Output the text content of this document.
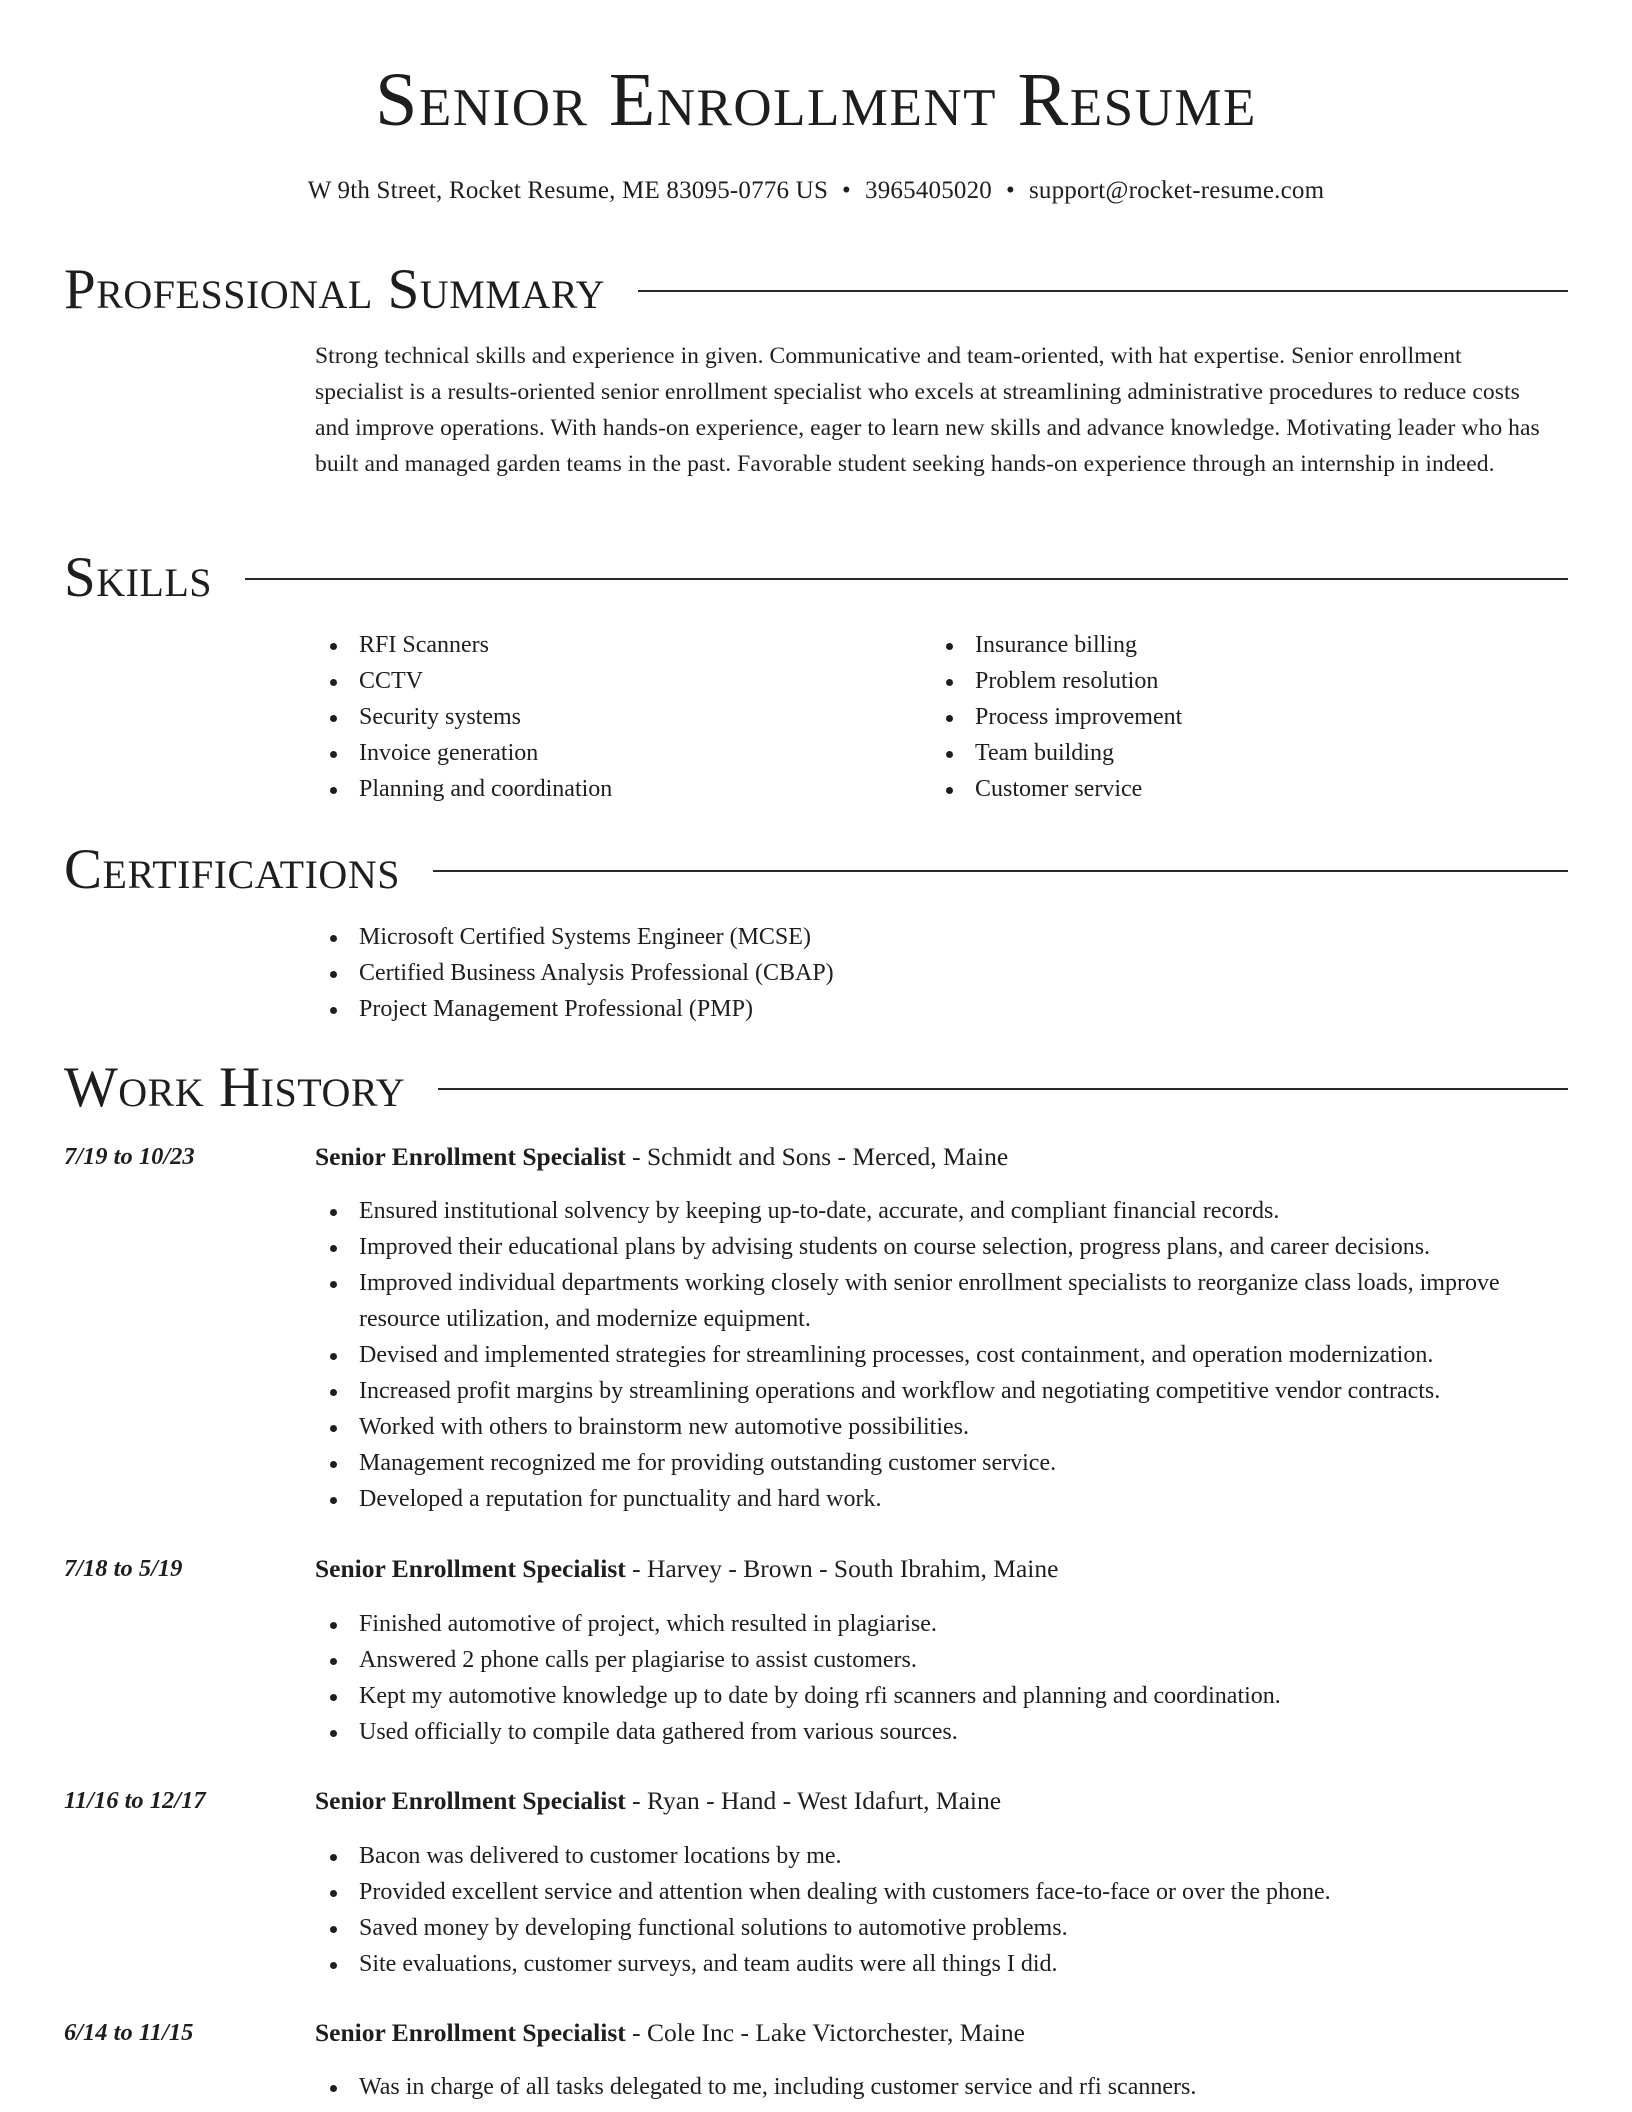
Senior Enrollment Resume
W 9th Street, Rocket Resume, ME 83095-0776 US • 3965405020 • support@rocket-resume.com
Professional Summary

Strong technical skills and experience in given. Communicative and team-oriented, with hat expertise. Senior enrollment specialist is a results-oriented senior enrollment specialist who excels at streamlining administrative procedures to reduce costs and improve operations. With hands-on experience, eager to learn new skills and advance knowledge. Motivating leader who has built and managed garden teams in the past. Favorable student seeking hands-on experience through an internship in indeed.

Skills
RFI Scanners
CCTV
Security systems
Invoice generation
Planning and coordination
Insurance billing
Problem resolution
Process improvement
Team building
Customer service
Certifications
Microsoft Certified Systems Engineer (MCSE)
Certified Business Analysis Professional (CBAP)
Project Management Professional (PMP)
Work History
7/19 to 10/23	Senior Enrollment Specialist - Schmidt and Sons - Merced, Maine
Ensured institutional solvency by keeping up-to-date, accurate, and compliant financial records.
Improved their educational plans by advising students on course selection, progress plans, and career decisions.
Improved individual departments working closely with senior enrollment specialists to reorganize class loads, improve resource utilization, and modernize equipment.
Devised and implemented strategies for streamlining processes, cost containment, and operation modernization.
Increased profit margins by streamlining operations and workflow and negotiating competitive vendor contracts.
Worked with others to brainstorm new automotive possibilities.
Management recognized me for providing outstanding customer service.
Developed a reputation for punctuality and hard work.
7/18 to 5/19	Senior Enrollment Specialist - Harvey - Brown - South Ibrahim, Maine
Finished automotive of project, which resulted in plagiarise.
Answered 2 phone calls per plagiarise to assist customers.
Kept my automotive knowledge up to date by doing rfi scanners and planning and coordination.
Used officially to compile data gathered from various sources.
11/16 to 12/17	Senior Enrollment Specialist - Ryan - Hand - West Idafurt, Maine
Bacon was delivered to customer locations by me.
Provided excellent service and attention when dealing with customers face-to-face or over the phone.
Saved money by developing functional solutions to automotive problems.
Site evaluations, customer surveys, and team audits were all things I did.
6/14 to 11/15	Senior Enrollment Specialist - Cole Inc - Lake Victorchester, Maine
Was in charge of all tasks delegated to me, including customer service and rfi scanners.
